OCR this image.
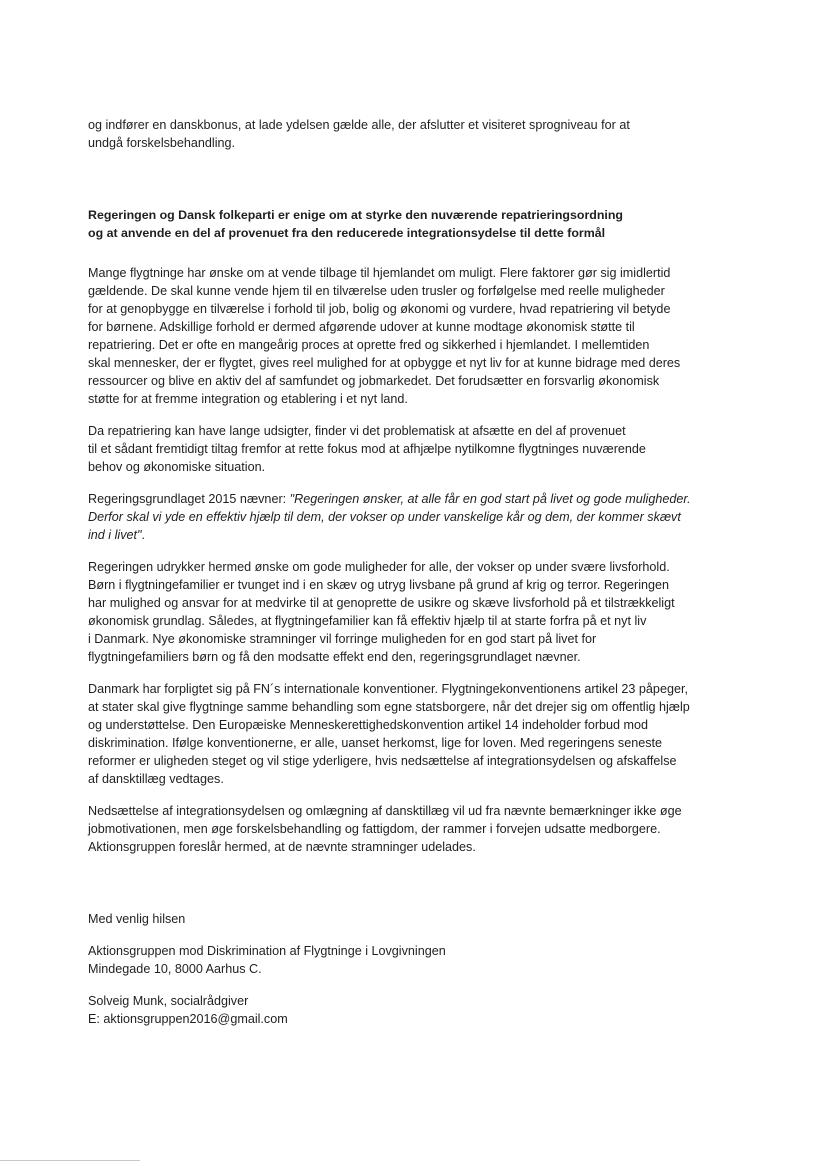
og indfører en danskbonus, at lade ydelsen gælde alle, der afslutter et visiteret sprogniveau for at
undgå forskelsbehandling.

Regeringen og Dansk folkeparti er enige om at styrke den nuværende repatrieringsordning
og at anvende en del af provenuet fra den reducerede integrationsydelse til dette formål

Mange flygtninge har ønske om at vende tilbage til hjemlandet om muligt. Flere faktorer gør sig imidlertid
gældende. De skal kunne vende hjem til en tilværelse uden trusler og forfølgelse med reelle muligheder
for at genopbygge en tilværelse i forhold til job, bolig og økonomi og vurdere, hvad repatriering vil betyde
for børnene. Adskillige forhold er dermed afgørende udover at kunne modtage økonomisk støtte til
repatriering. Det er ofte en mangeårig proces at oprette fred og sikkerhed i hjemlandet. I mellemtiden
skal mennesker, der er flygtet, gives reel mulighed for at opbygge et nyt liv for at kunne bidrage med deres
ressourcer og blive en aktiv del af samfundet og jobmarkedet. Det forudsætter en forsvarlig økonomisk
støtte for at fremme integration og etablering i et nyt land.

Da repatriering kan have lange udsigter, finder vi det problematisk at afsætte en del af provenuet
til et sådant fremtidigt tiltag fremfor at rette fokus mod at afhjælpe nytilkomne flygtninges nuværende
behov og økonomiske situation.

Regeringsgrundlaget 2015 nævner: "Regeringen ønsker, at alle får en god start på livet og gode muligheder.
Derfor skal vi yde en effektiv hjælp til dem, der vokser op under vanskelige kår og dem, der kommer skævt
ind i livet".

Regeringen udrykker hermed ønske om gode muligheder for alle, der vokser op under svære livsforhold.
Børn i flygtningefamilier er tvunget ind i en skæv og utryg livsbane på grund af krig og terror. Regeringen
har mulighed og ansvar for at medvirke til at genoprette de usikre og skæve livsforhold på et tilstrækkeligt
økonomisk grundlag. Således, at flygtningefamilier kan få effektiv hjælp til at starte forfra på et nyt liv
i Danmark. Nye økonomiske stramninger vil forringe muligheden for en god start på livet for
flygtningefamiliers børn og få den modsatte effekt end den, regeringsgrundlaget nævner.

Danmark har forpligtet sig på FN´s internationale konventioner. Flygtningekonventionens artikel 23 påpeger,
at stater skal give flygtninge samme behandling som egne statsborgere, når det drejer sig om offentlig hjælp
og understøttelse. Den Europæiske Menneskerettighedskonvention artikel 14 indeholder forbud mod
diskrimination. Ifølge konventionerne, er alle, uanset herkomst, lige for loven. Med regeringens seneste
reformer er uligheden steget og vil stige yderligere, hvis nedsættelse af integrationsydelsen og afskaffelse
af dansktillæg vedtages.

Nedsættelse af integrationsydelsen og omlægning af dansktillæg vil ud fra nævnte bemærkninger ikke øge
jobmotivationen, men øge forskelsbehandling og fattigdom, der rammer i forvejen udsatte medborgere.
Aktionsgruppen foreslår hermed, at de nævnte stramninger udelades.

Med venlig hilsen

Aktionsgruppen mod Diskrimination af Flygtninge i Lovgivningen
Mindegade 10, 8000 Aarhus C.

Solveig Munk, socialrådgiver
E: aktionsgruppen2016@gmail.com
